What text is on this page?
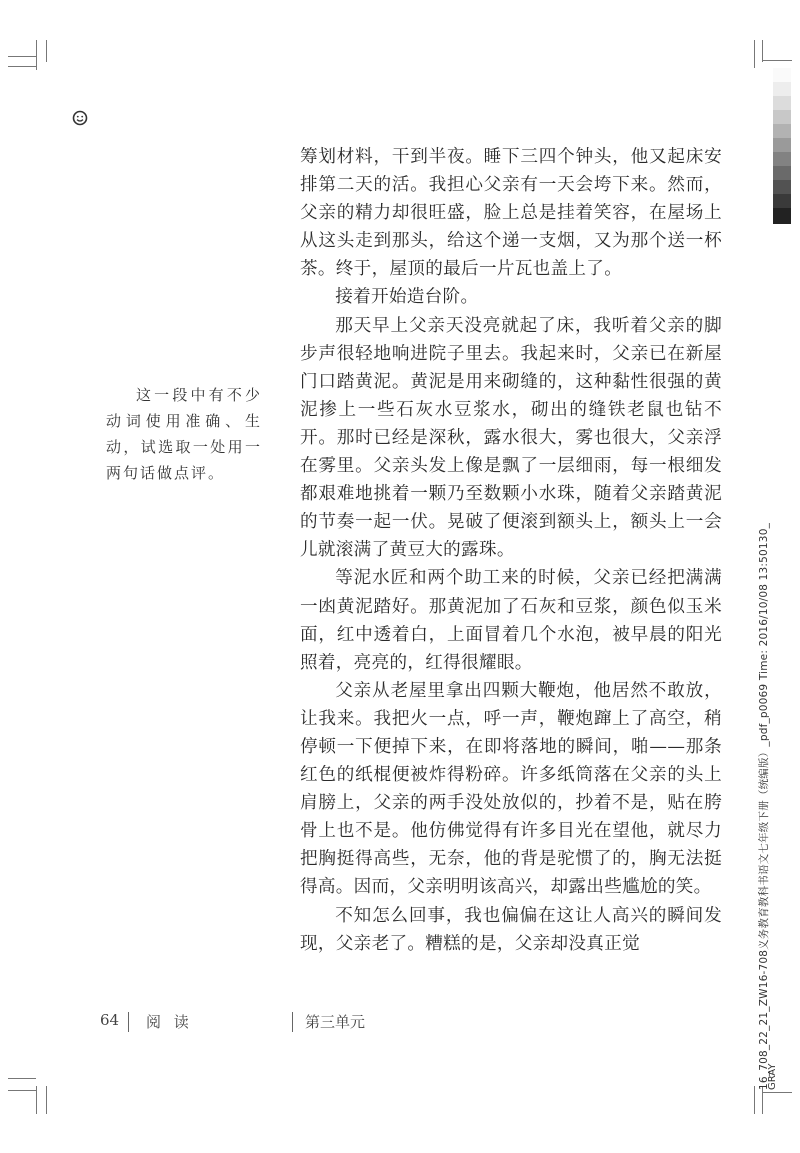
筹划材料，干到半夜。睡下三四个钟头，他又起床安排第二天的活。我担心父亲有一天会垮下来。然而，父亲的精力却很旺盛，脸上总是挂着笑容，在屋场上从这头走到那头，给这个递一支烟，又为那个送一杯茶。终于，屋顶的最后一片瓦也盖上了。

接着开始造台阶。

那天早上父亲天没亮就起了床，我听着父亲的脚步声很轻地响进院子里去。我起来时，父亲已在新屋门口踏黄泥。黄泥是用来砌缝的，这种黏性很强的黄泥掺上一些石灰水豆浆水，砌出的缝铁老鼠也钻不开。那时已经是深秋，露水很大，雾也很大，父亲浮在雾里。父亲头发上像是飘了一层细雨，每一根细发都艰难地挑着一颗乃至数颗小水珠，随着父亲踏黄泥的节奏一起一伏。晃破了便滚到额头上，额头上一会儿就滚满了黄豆大的露珠。

等泥水匠和两个助工来的时候，父亲已经把满满一凼黄泥踏好。那黄泥加了石灰和豆浆，颜色似玉米面，红中透着白，上面冒着几个水泡，被早晨的阳光照着，亮亮的，红得很耀眼。

父亲从老屋里拿出四颗大鞭炮，他居然不敢放，让我来。我把火一点，呼一声，鞭炮蹿上了高空，稍停顿一下便掉下来，在即将落地的瞬间，啪——那条红色的纸棍便被炸得粉碎。许多纸筒落在父亲的头上肩膀上，父亲的两手没处放似的，抄着不是，贴在胯骨上也不是。他仿佛觉得有许多目光在望他，就尽力把胸挺得高些，无奈，他的背是驼惯了的，胸无法挺得高。因而，父亲明明该高兴，却露出些尴尬的笑。

不知怎么回事，我也偏偏在这让人高兴的瞬间发现，父亲老了。糟糕的是，父亲却没真正觉

这一段中有不少动词使用准确、生动，试选取一处用一两句话做点评。

64 阅 读	第三单元	16_708_22_21_ZW16-708义务教育教科书语文七年级下册（统编版）_pdf_p0069 Time: 2016/10/08 13:50130_
GRAY
